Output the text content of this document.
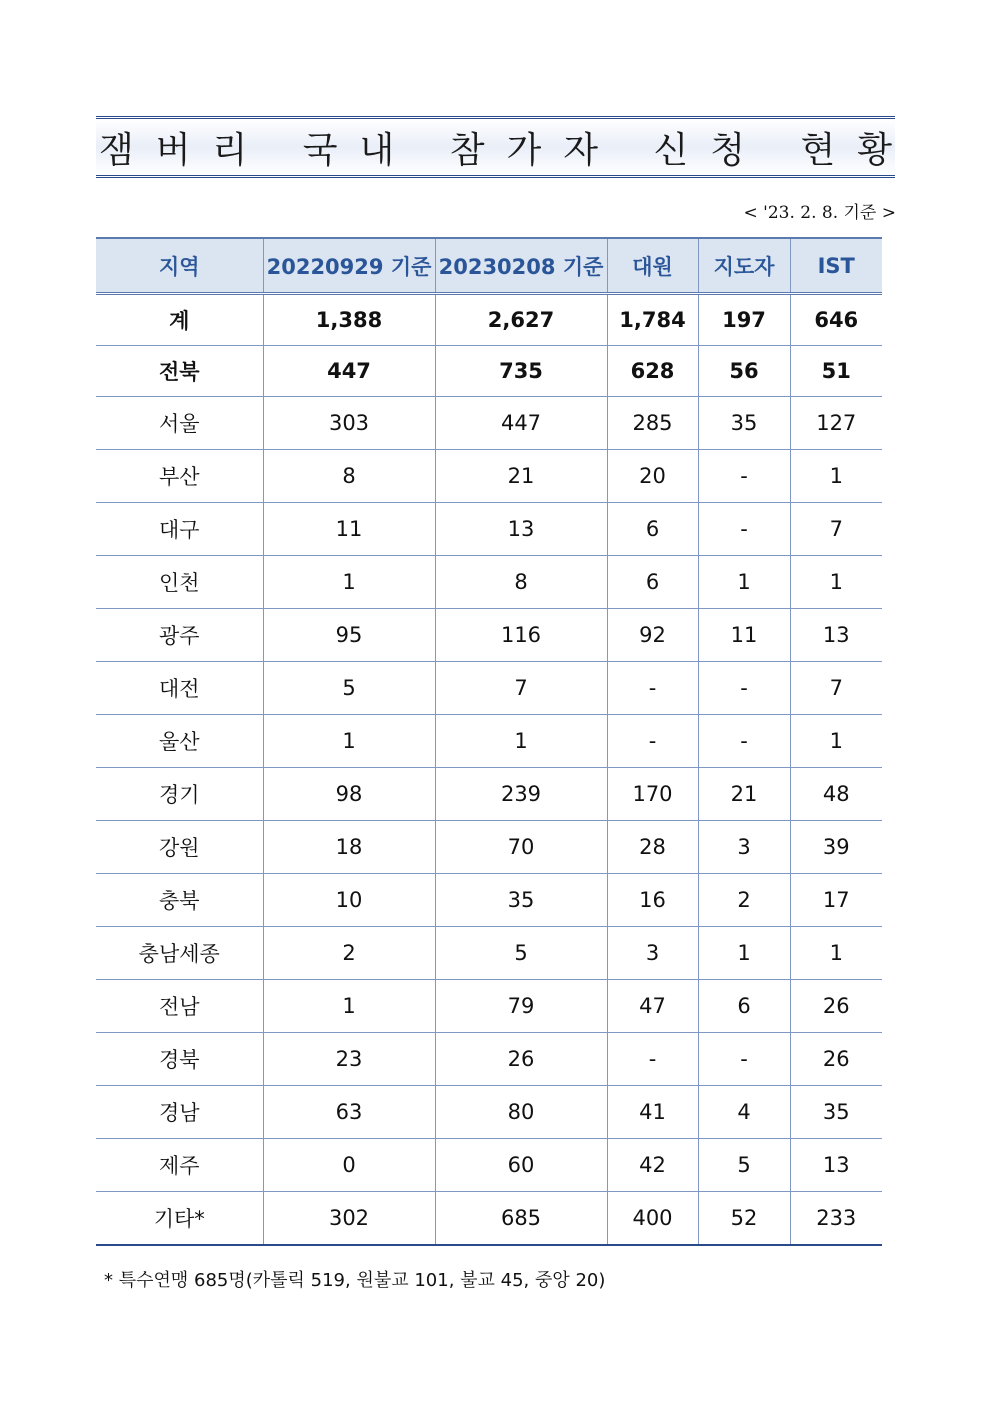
잼버리 국내 참가자 신청 현황
< '23. 2. 8. 기준 >
지역	20220929 기준	20230208 기준	대원	지도자	IST
계	1,388	2,627	1,784	197	646
전북	447	735	628	56	51
서울	303	447	285	35	127
부산	8	21	20	-	1
대구	11	13	6	-	7
인천	1	8	6	1	1
광주	95	116	92	11	13
대전	5	7	-	-	7
울산	1	1	-	-	1
경기	98	239	170	21	48
강원	18	70	28	3	39
충북	10	35	16	2	17
충남세종	2	5	3	1	1
전남	1	79	47	6	26
경북	23	26	-	-	26
경남	63	80	41	4	35
제주	0	60	42	5	13
기타*	302	685	400	52	233
* 특수연맹 685명(카톨릭 519, 원불교 101, 불교 45, 중앙 20)
